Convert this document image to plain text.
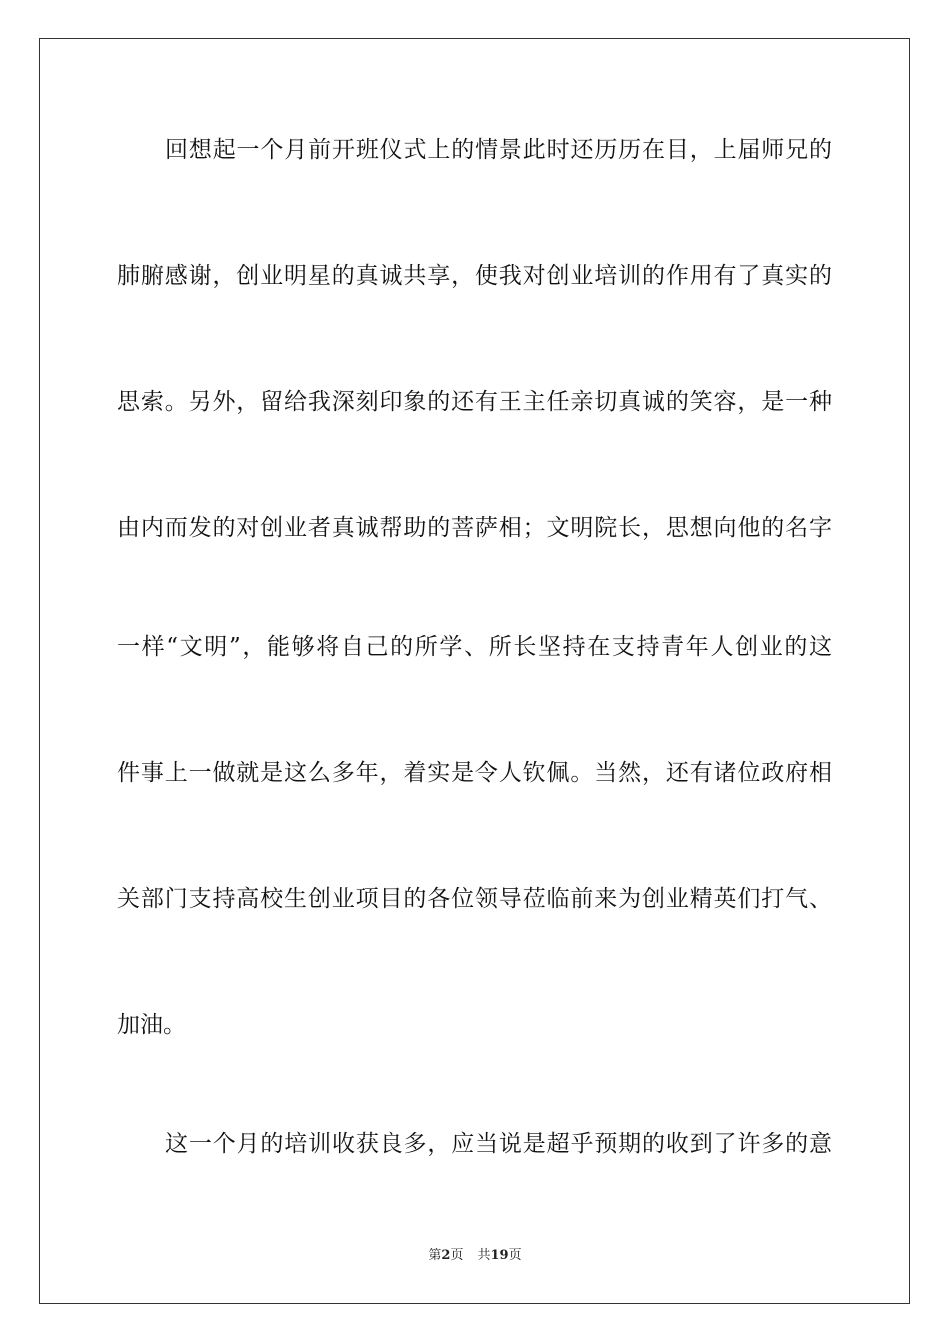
回想起一个月前开班仪式上的情景此时还历历在目，上届师兄的
肺腑感谢，创业明星的真诚共享，使我对创业培训的作用有了真实的
思索。另外，留给我深刻印象的还有王主任亲切真诚的笑容，是一种
由内而发的对创业者真诚帮助的菩萨相；文明院长，思想向他的名字
一样“文明”，能够将自己的所学、所长坚持在支持青年人创业的这
件事上一做就是这么多年，着实是令人钦佩。当然，还有诸位政府相
关部门支持高校生创业项目的各位领导莅临前来为创业精英们打气、
加油。
这一个月的培训收获良多，应当说是超乎预期的收到了许多的意
第2页 共19页
